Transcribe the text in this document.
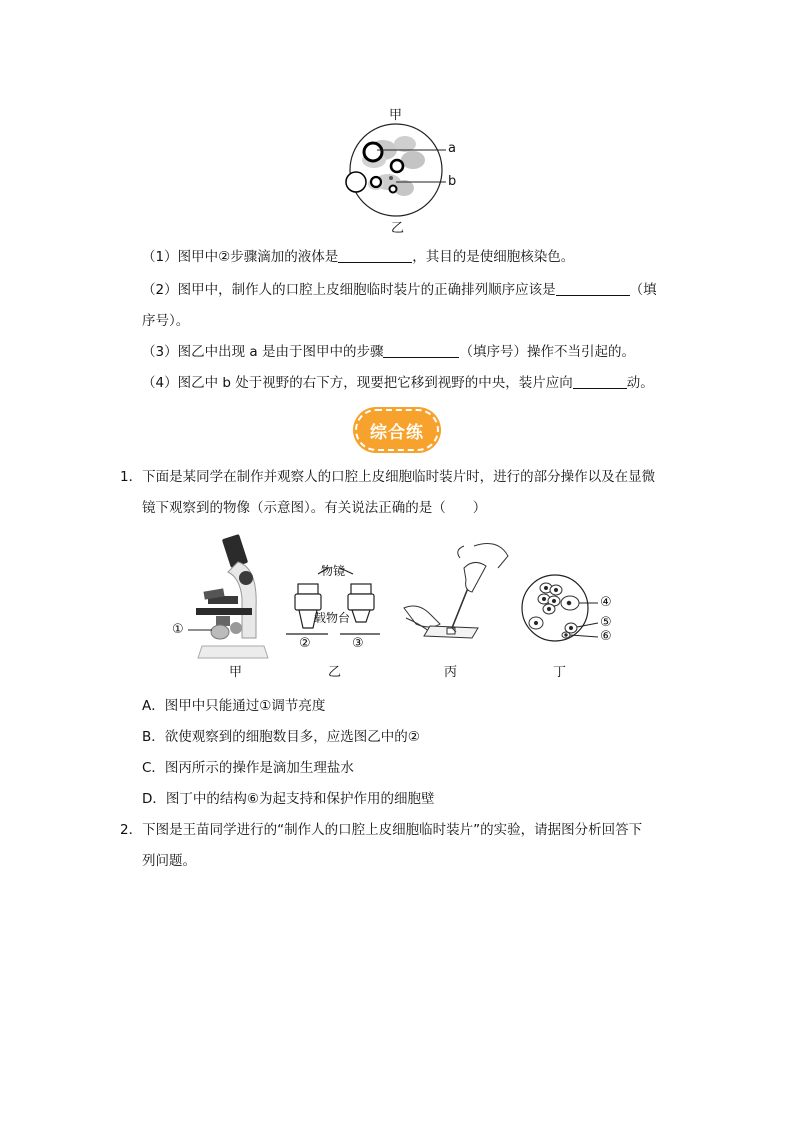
甲
a
b
乙
（1）图甲中②步骤滴加的液体是	，其目的是使细胞核染色。
（2）图甲中，制作人的口腔上皮细胞临时装片的正确排列顺序应该是	（填
序号）。
（3）图乙中出现 a 是由于图甲中的步骤	（填序号）操作不当引起的。
（4）图乙中 b 处于视野的右下方，现要把它移到视野的中央，装片应向	动。
综合练
1．下面是某同学在制作并观察人的口腔上皮细胞临时装片时，进行的部分操作以及在显微
镜下观察到的物像（示意图）。有关说法正确的是（　　）
①
物镜
载物台
②	③
④
⑤
⑥
甲	乙	丙	丁
A．图甲中只能通过①调节亮度
B．欲使观察到的细胞数目多，应选图乙中的②
C．图丙所示的操作是滴加生理盐水
D．图丁中的结构⑥为起支持和保护作用的细胞壁
2．下图是王苗同学进行的“制作人的口腔上皮细胞临时装片”的实验，请据图分析回答下
列问题。
